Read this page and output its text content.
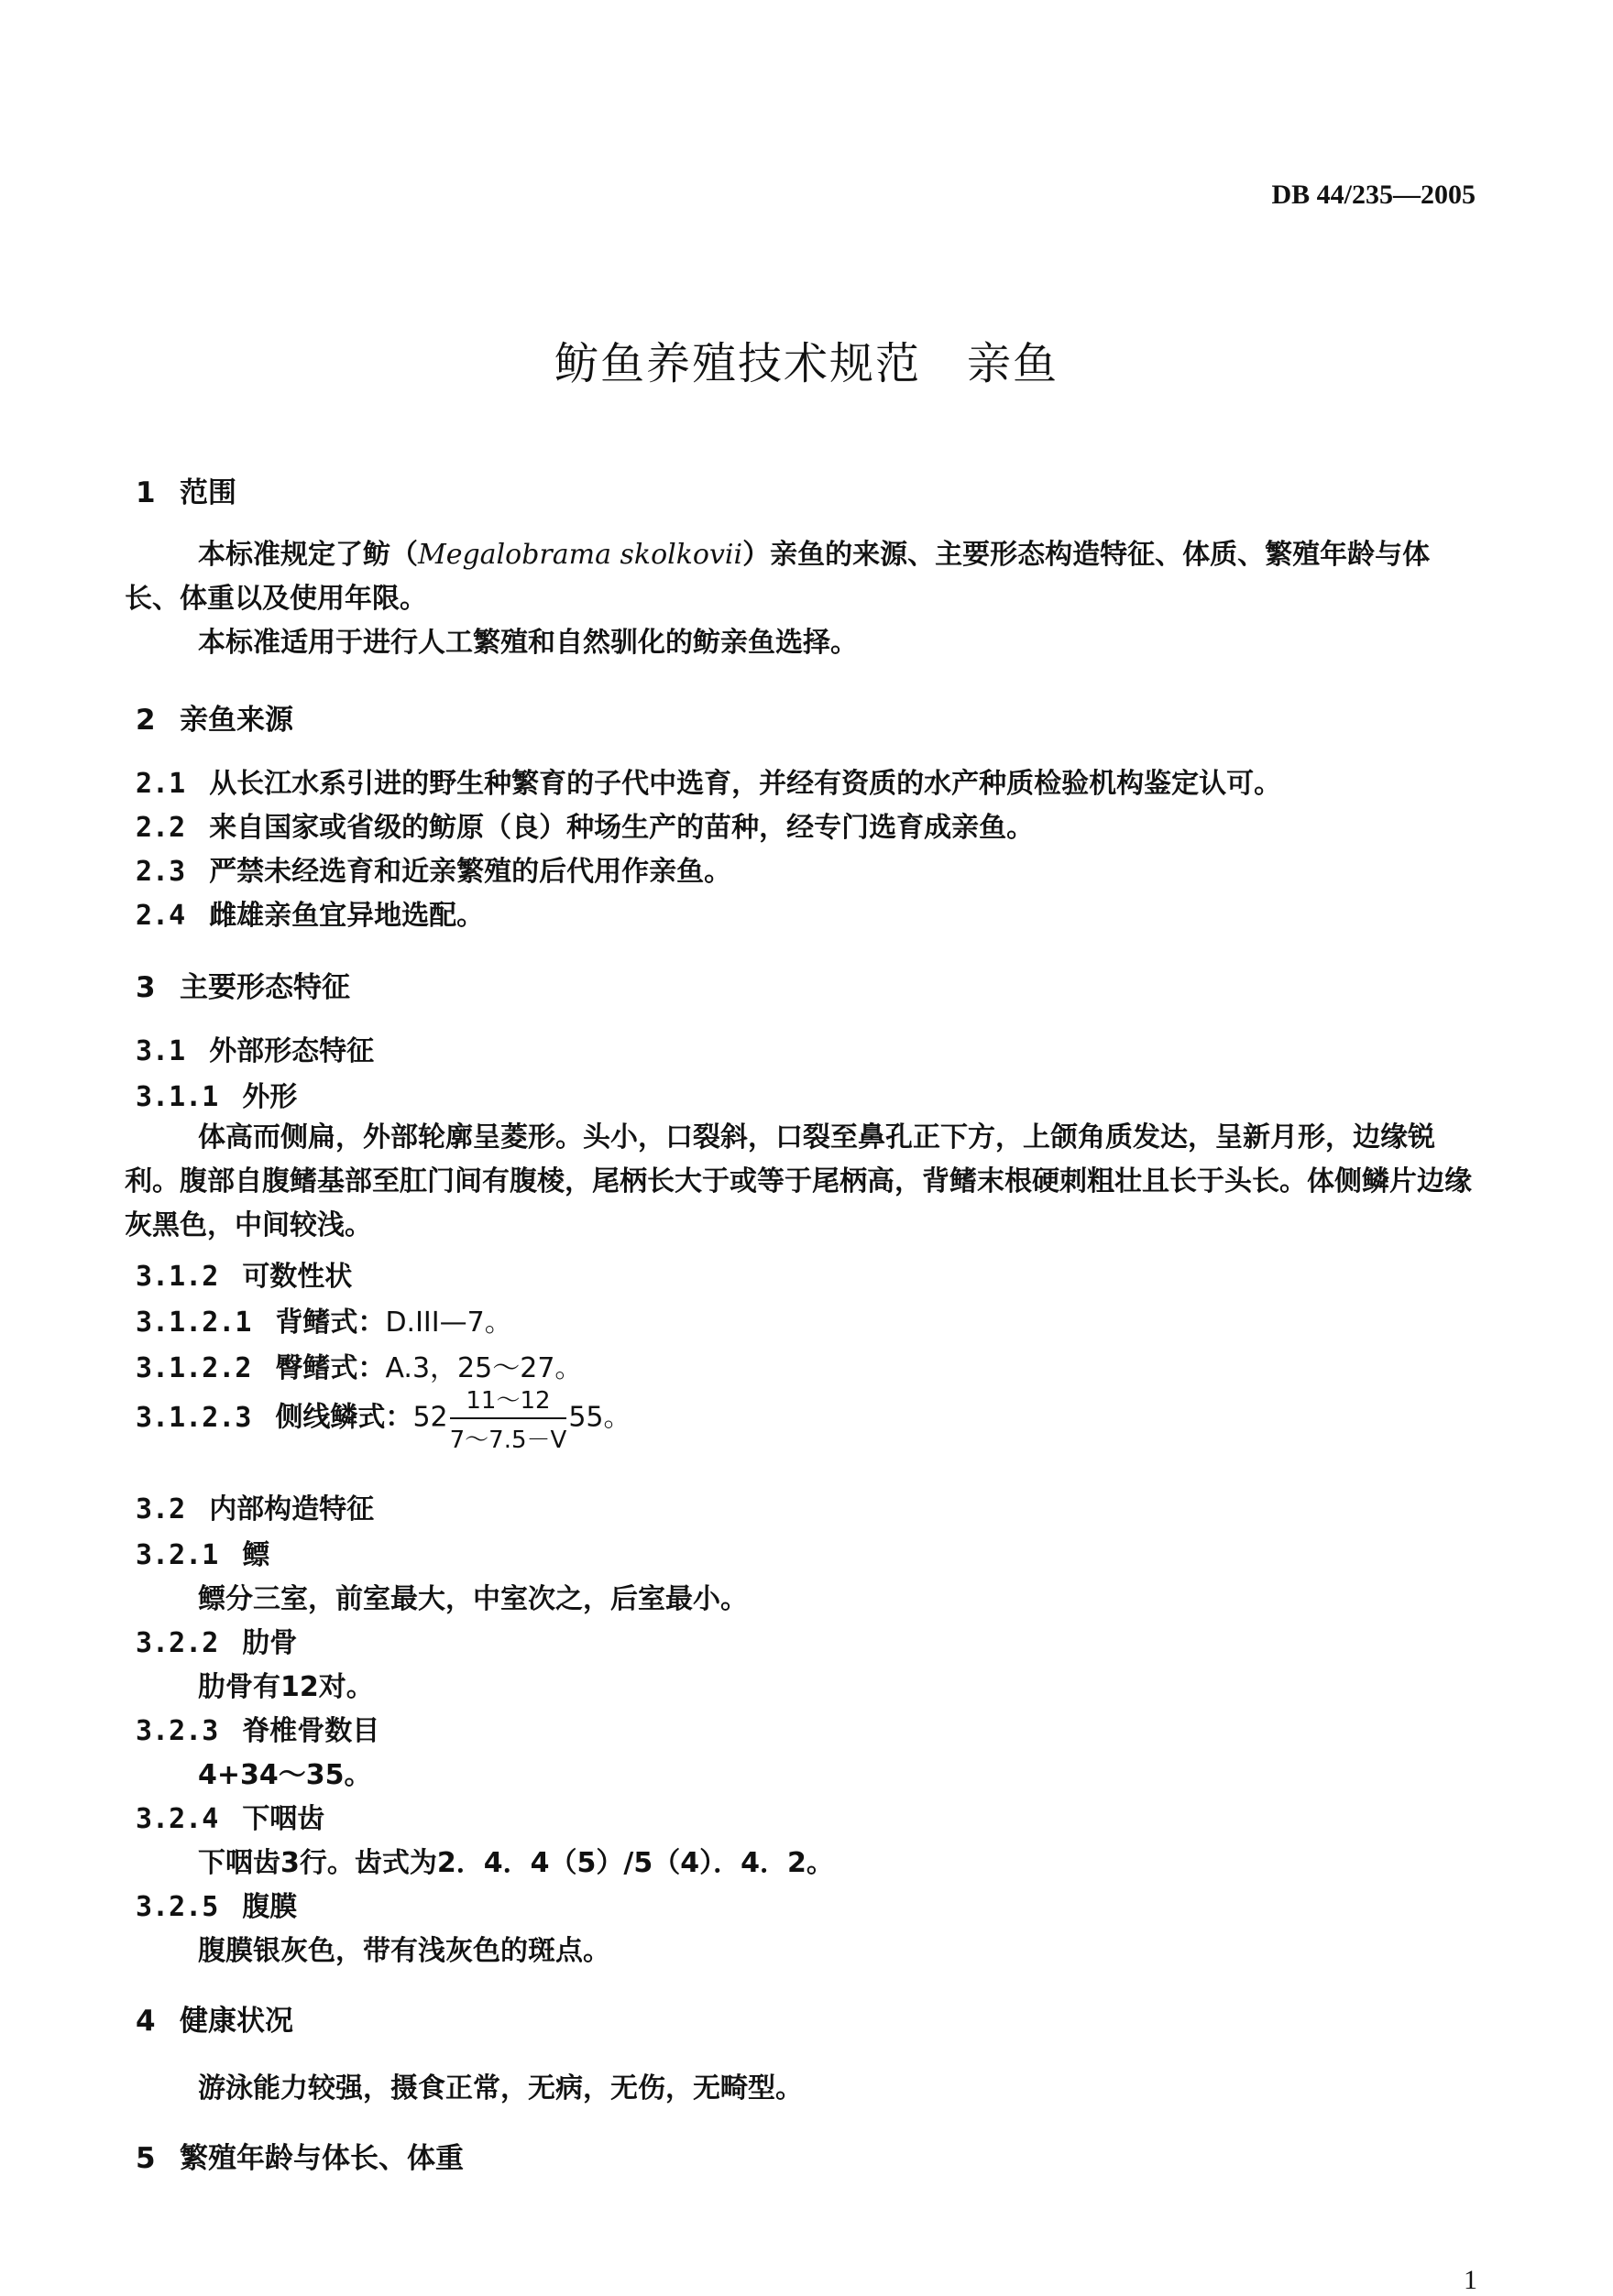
DB 44/235—2005
鲂鱼养殖技术规范　亲鱼
1 范围
本标准规定了鲂（Megalobrama skolkovii）亲鱼的来源、主要形态构造特征、体质、繁殖年龄与体长、体重以及使用年限。
本标准适用于进行人工繁殖和自然驯化的鲂亲鱼选择。
2 亲鱼来源
2.1 从长江水系引进的野生种繁育的子代中选育，并经有资质的水产种质检验机构鉴定认可。
2.2 来自国家或省级的鲂原（良）种场生产的苗种，经专门选育成亲鱼。
2.3 严禁未经选育和近亲繁殖的后代用作亲鱼。
2.4 雌雄亲鱼宜异地选配。
3 主要形态特征
3.1 外部形态特征
3.1.1 外形
体高而侧扁，外部轮廓呈菱形。头小，口裂斜，口裂至鼻孔正下方，上颌角质发达，呈新月形，边缘锐利。腹部自腹鳍基部至肛门间有腹棱，尾柄长大于或等于尾柄高，背鳍末根硬刺粗壮且长于头长。体侧鳞片边缘灰黑色，中间较浅。
3.1.2 可数性状
3.1.2.1 背鳍式：D.III—7。
3.1.2.2 臀鳍式：A.3，25～27。
3.1.2.3 侧线鳞式：$52 \frac{11\sim 12}{7\sim 7.5-V} 55$。
3.2 内部构造特征
3.2.1 鳔
鳔分三室，前室最大，中室次之，后室最小。
3.2.2 肋骨
肋骨有12对。
3.2.3 脊椎骨数目
4+34～35。
3.2.4 下咽齿
下咽齿3行。齿式为2．4．4（5）/5（4）．4．2。
3.2.5 腹膜
腹膜银灰色，带有浅灰色的斑点。
4 健康状况
游泳能力较强，摄食正常，无病，无伤，无畸型。
5 繁殖年龄与体长、体重
1
